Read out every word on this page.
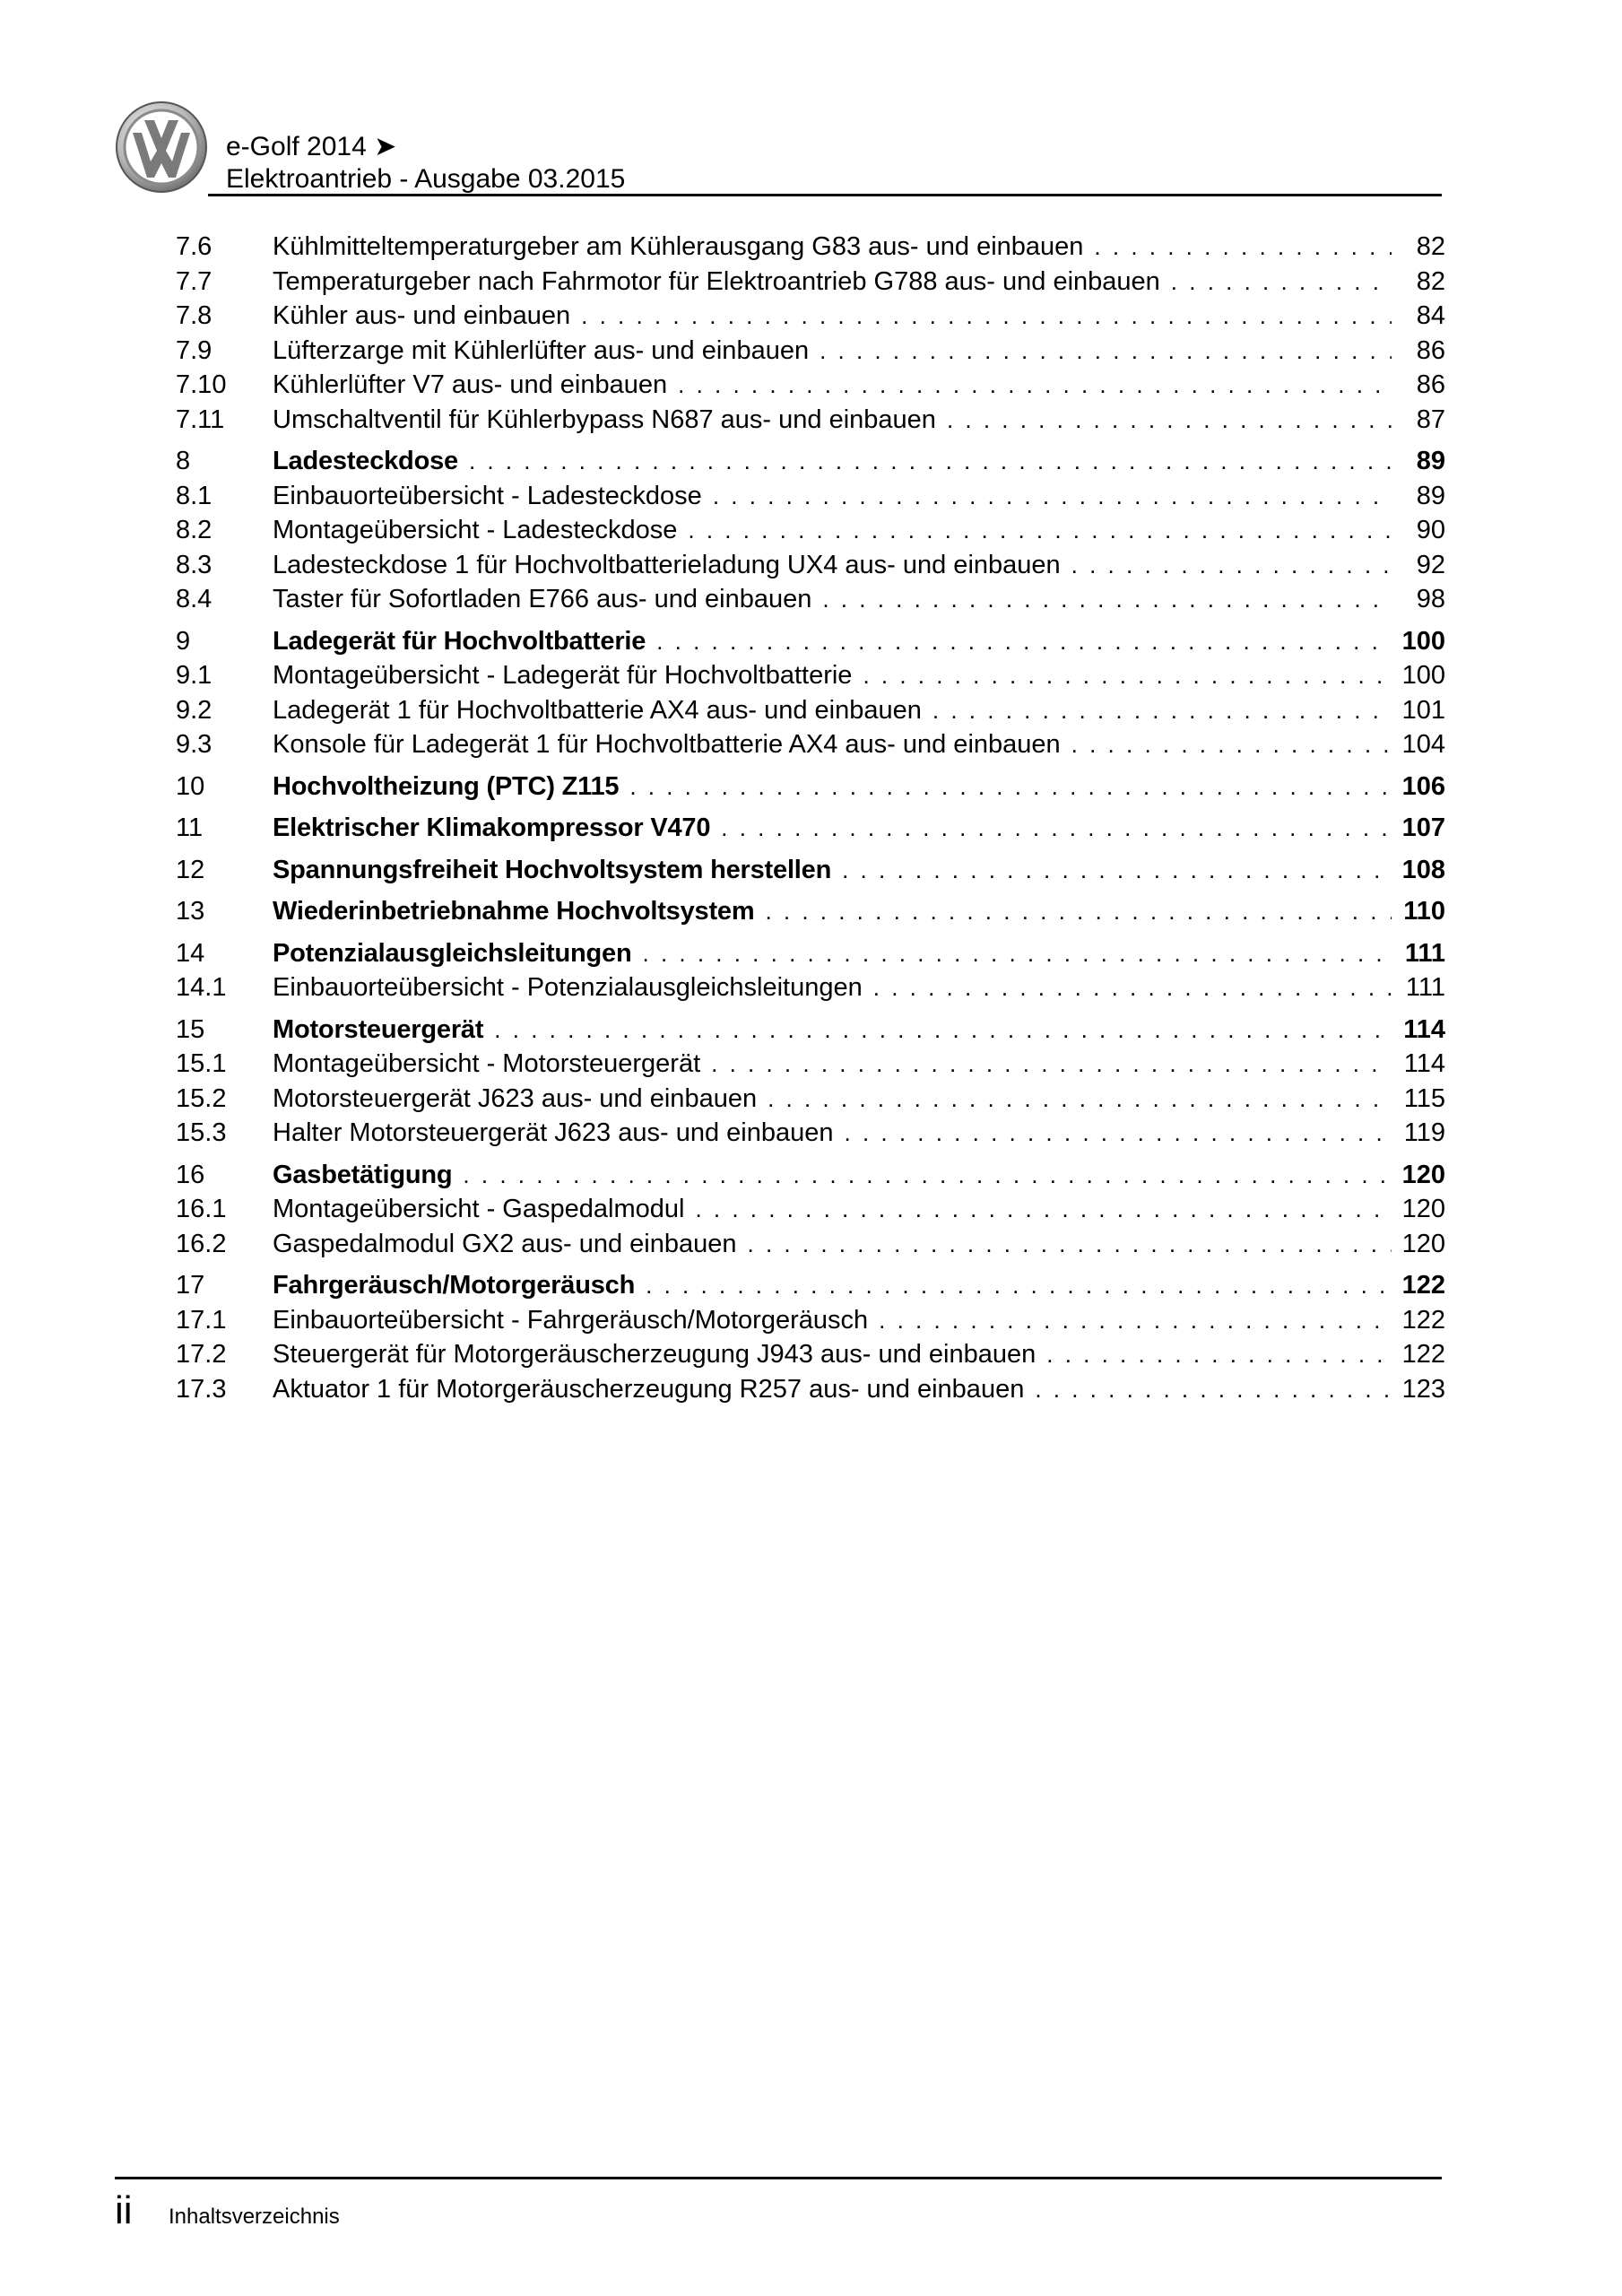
e-Golf 2014 ➤
Elektroantrieb - Ausgabe 03.2015
7.6	Kühlmitteltemperaturgeber am Kühlerausgang G83 aus- und einbauen . . .	82
7.7	Temperaturgeber nach Fahrmotor für Elektroantrieb G788 aus- und einbauen . . .	82
7.8	Kühler aus- und einbauen . . .	84
7.9	Lüfterzarge mit Kühlerlüfter aus- und einbauen . . .	86
7.10	Kühlerlüfter V7 aus- und einbauen . . .	86
7.11	Umschaltventil für Kühlerbypass N687 aus- und einbauen . . .	87
8	Ladesteckdose . . .	89
8.1	Einbauorteübersicht - Ladesteckdose . . .	89
8.2	Montageübersicht - Ladesteckdose . . .	90
8.3	Ladesteckdose 1 für Hochvoltbatterieladung UX4 aus- und einbauen . . .	92
8.4	Taster für Sofortladen E766 aus- und einbauen . . .	98
9	Ladegerät für Hochvoltbatterie . . .	100
9.1	Montageübersicht - Ladegerät für Hochvoltbatterie . . .	100
9.2	Ladegerät 1 für Hochvoltbatterie AX4 aus- und einbauen . . .	101
9.3	Konsole für Ladegerät 1 für Hochvoltbatterie AX4 aus- und einbauen . . .	104
10	Hochvoltheizung (PTC) Z115 . . .	106
11	Elektrischer Klimakompressor V470 . . .	107
12	Spannungsfreiheit Hochvoltsystem herstellen . . .	108
13	Wiederinbetriebnahme Hochvoltsystem . . .	110
14	Potenzialausgleichsleitungen . . .	111
14.1	Einbauorteübersicht - Potenzialausgleichsleitungen . . .	111
15	Motorsteuergerät . . .	114
15.1	Montageübersicht - Motorsteuergerät . . .	114
15.2	Motorsteuergerät J623 aus- und einbauen . . .	115
15.3	Halter Motorsteuergerät J623 aus- und einbauen . . .	119
16	Gasbetätigung . . .	120
16.1	Montageübersicht - Gaspedalmodul . . .	120
16.2	Gaspedalmodul GX2 aus- und einbauen . . .	120
17	Fahrgeräusch/Motorgeräusch . . .	122
17.1	Einbauorteübersicht - Fahrgeräusch/Motorgeräusch . . .	122
17.2	Steuergerät für Motorgeräuscherzeugung J943 aus- und einbauen . . .	122
17.3	Aktuator 1 für Motorgeräuscherzeugung R257 aus- und einbauen . . .	123
ii	Inhaltsverzeichnis
